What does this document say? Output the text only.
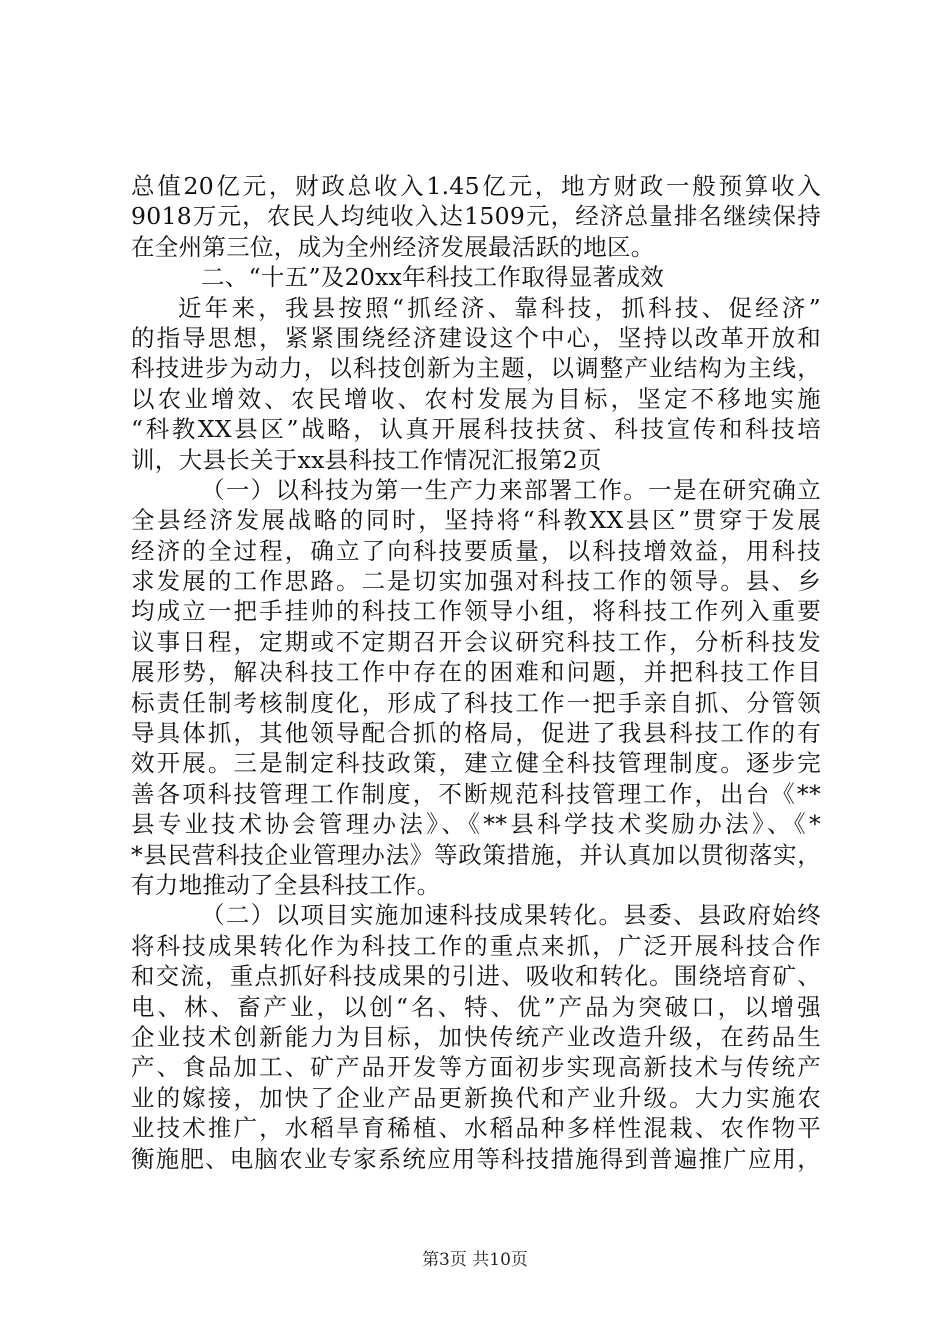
总值20亿元，财政总收入1.45亿元，地方财政一般预算收入
9018万元，农民人均纯收入达1509元，经济总量排名继续保持
在全州第三位，成为全州经济发展最活跃的地区。
二、“十五”及20xx年科技工作取得显著成效
近年来，我县按照“抓经济、靠科技，抓科技、促经济”
的指导思想，紧紧围绕经济建设这个中心，坚持以改革开放和
科技进步为动力，以科技创新为主题，以调整产业结构为主线，
以农业增效、农民增收、农村发展为目标，坚定不移地实施
“科教XX县区”战略，认真开展科技扶贫、科技宣传和科技培
训，大县长关于xx县科技工作情况汇报第2页
（一）以科技为第一生产力来部署工作。一是在研究确立
全县经济发展战略的同时，坚持将“科教XX县区”贯穿于发展
经济的全过程，确立了向科技要质量，以科技增效益，用科技
求发展的工作思路。二是切实加强对科技工作的领导。县、乡
均成立一把手挂帅的科技工作领导小组，将科技工作列入重要
议事日程，定期或不定期召开会议研究科技工作，分析科技发
展形势，解决科技工作中存在的困难和问题，并把科技工作目
标责任制考核制度化，形成了科技工作一把手亲自抓、分管领
导具体抓，其他领导配合抓的格局，促进了我县科技工作的有
效开展。三是制定科技政策，建立健全科技管理制度。逐步完
善各项科技管理工作制度，不断规范科技管理工作，出台《**
县专业技术协会管理办法》、《**县科学技术奖励办法》、《*
*县民营科技企业管理办法》等政策措施，并认真加以贯彻落实，
有力地推动了全县科技工作。
（二）以项目实施加速科技成果转化。县委、县政府始终
将科技成果转化作为科技工作的重点来抓，广泛开展科技合作
和交流，重点抓好科技成果的引进、吸收和转化。围绕培育矿、
电、林、畜产业，以创“名、特、优”产品为突破口，以增强
企业技术创新能力为目标，加快传统产业改造升级，在药品生
产、食品加工、矿产品开发等方面初步实现高新技术与传统产
业的嫁接，加快了企业产品更新换代和产业升级。大力实施农
业技术推广，水稻旱育稀植、水稻品种多样性混栽、农作物平
衡施肥、电脑农业专家系统应用等科技措施得到普遍推广应用，
第3页 共10页
